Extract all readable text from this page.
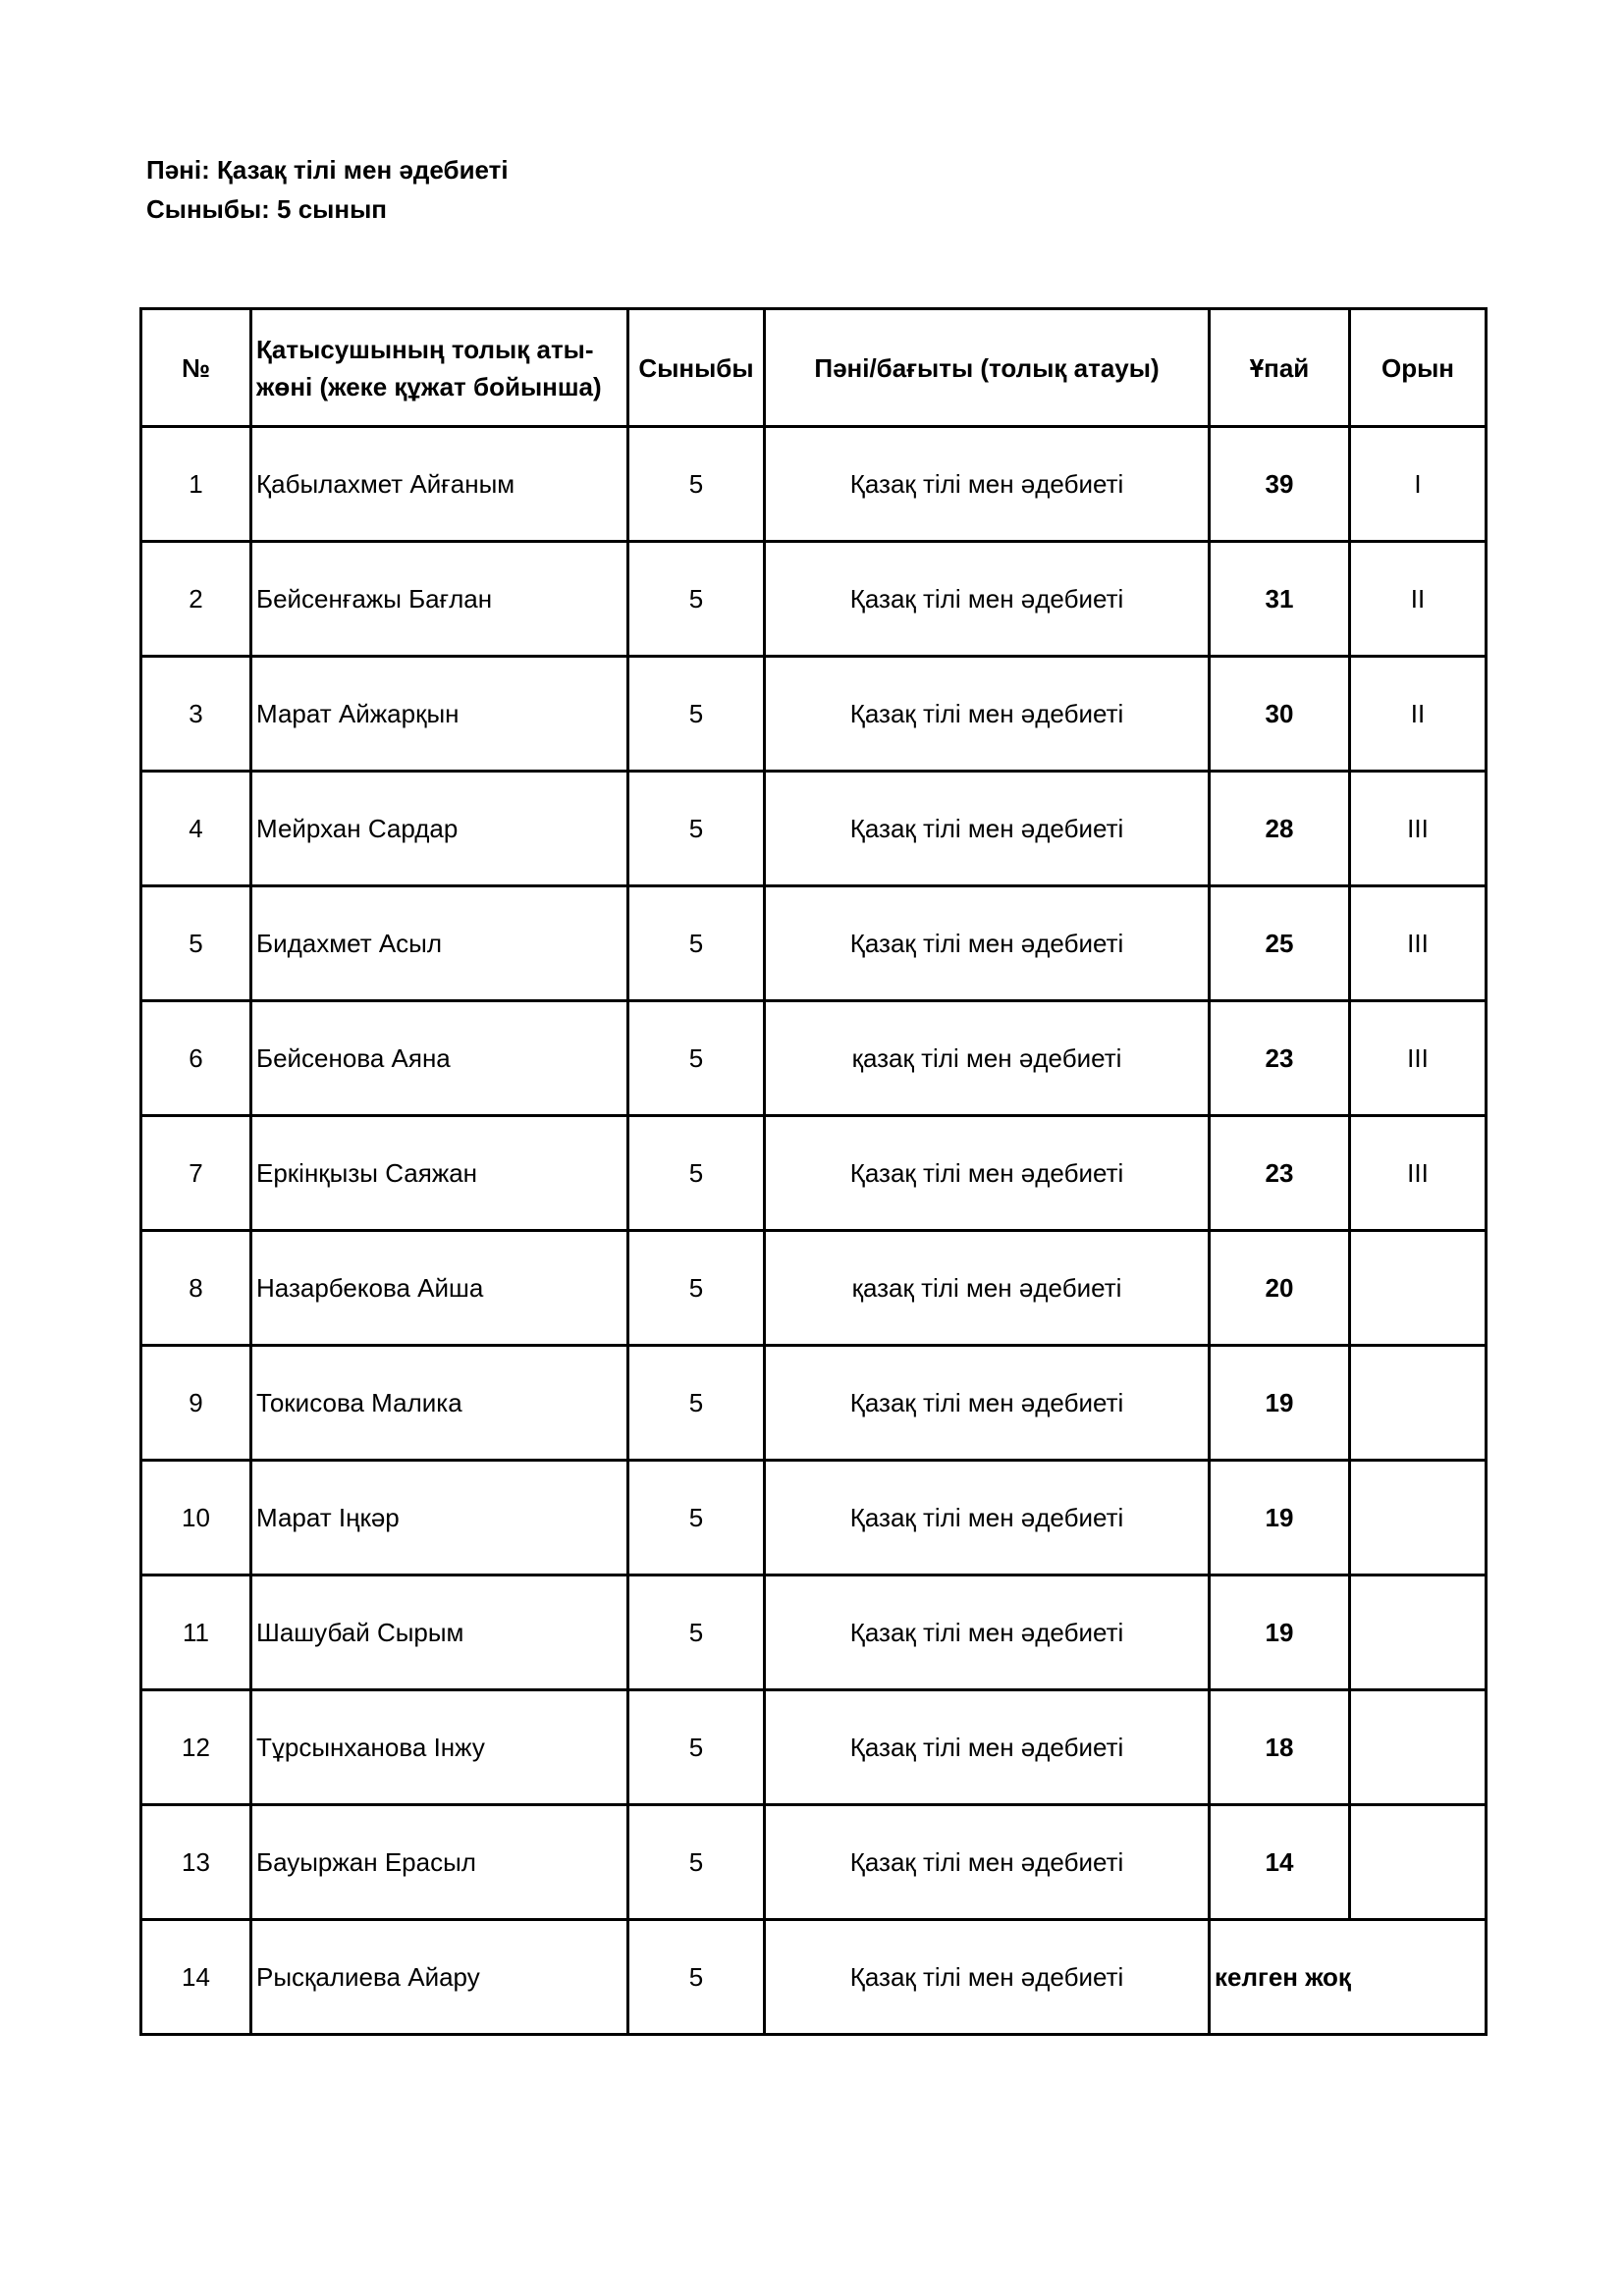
Пәні: Қазақ тілі мен әдебиеті
Сыныбы: 5 сынып
№	Қатысушының толық аты-жөні (жеке құжат бойынша)	Сыныбы	Пәні/бағыты (толық атауы)	Ұпай	Орын
1	Қабылахмет Айғаным	5	Қазақ тілі мен әдебиеті	39	I
2	Бейсенғажы Бағлан	5	Қазақ тілі мен әдебиеті	31	II
3	Марат Айжарқын	5	Қазақ тілі мен әдебиеті	30	II
4	Мейрхан Сардар	5	Қазақ тілі мен әдебиеті	28	III
5	Бидахмет Асыл	5	Қазақ тілі мен әдебиеті	25	III
6	Бейсенова Аяна	5	қазақ тілі мен әдебиеті	23	III
7	Еркінқызы Саяжан	5	Қазақ тілі мен әдебиеті	23	III
8	Назарбекова Айша	5	қазақ тілі мен әдебиеті	20	
9	Токисова Малика	5	Қазақ тілі мен әдебиеті	19	
10	Марат Іңкәр	5	Қазақ тілі мен әдебиеті	19	
11	Шашубай Сырым	5	Қазақ тілі мен әдебиеті	19	
12	Тұрсынханова Інжу	5	Қазақ тілі мен әдебиеті	18	
13	Бауыржан Ерасыл	5	Қазақ тілі мен әдебиеті	14	
14	Рысқалиева Айару	5	Қазақ тілі мен әдебиеті	келген жоқ	
